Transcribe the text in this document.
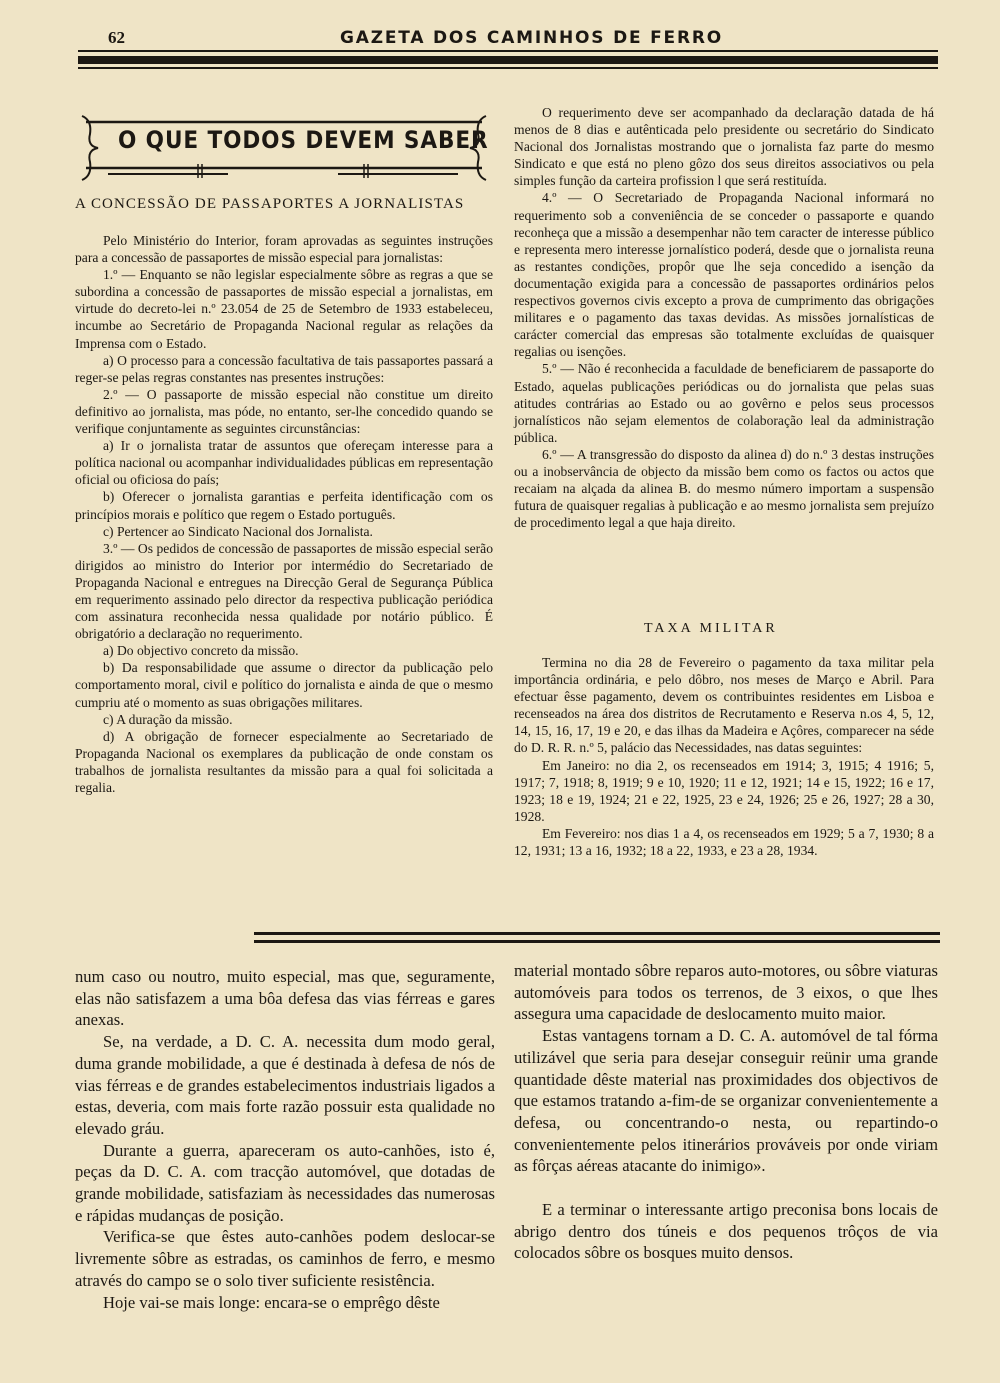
62	GAZETA DOS CAMINHOS DE FERRO
O QUE TODOS DEVEM SABER
A CONCESSÃO DE PASSAPORTES A JORNALISTAS

Pelo Ministério do Interior, foram aprovadas as seguintes instruções para a concessão de passaportes de missão especial para jornalistas:

1.º — Enquanto se não legislar especialmente sôbre as regras a que se subordina a concessão de passaportes de missão especial a jornalistas, em virtude do decreto-lei n.º 23.054 de 25 de Setembro de 1933 estabeleceu, incumbe ao Secretário de Propaganda Nacional regular as relações da Imprensa com o Estado.

a) O processo para a concessão facultativa de tais passaportes passará a reger-se pelas regras constantes nas presentes instruções:

2.º — O passaporte de missão especial não constitue um direito definitivo ao jornalista, mas póde, no entanto, ser-lhe concedido quando se verifique conjuntamente as seguintes circunstâncias:

a) Ir o jornalista tratar de assuntos que ofereçam interesse para a política nacional ou acompanhar individualidades públicas em representação oficial ou oficiosa do país;

b) Oferecer o jornalista garantias e perfeita identificação com os princípios morais e político que regem o Estado português.

c) Pertencer ao Sindicato Nacional dos Jornalista.

3.º — Os pedidos de concessão de passaportes de missão especial serão dirigidos ao ministro do Interior por intermédio do Secretariado de Propaganda Nacional e entregues na Direcção Geral de Segurança Pública em requerimento assinado pelo director da respectiva publicação periódica com assinatura reconhecida nessa qualidade por notário público. É obrigatório a declaração no requerimento.

a) Do objectivo concreto da missão.

b) Da responsabilidade que assume o director da publicação pelo comportamento moral, civil e político do jornalista e ainda de que o mesmo cumpriu até o momento as suas obrigações militares.

c) A duração da missão.

d) A obrigação de fornecer especialmente ao Secretariado de Propaganda Nacional os exemplares da publicação de onde constam os trabalhos de jornalista resultantes da missão para a qual foi solicitada a regalia.

O requerimento deve ser acompanhado da declaração datada de há menos de 8 dias e autênticada pelo presidente ou secretário do Sindicato Nacional dos Jornalistas mostrando que o jornalista faz parte do mesmo Sindicato e que está no pleno gôzo dos seus direitos associativos ou pela simples função da carteira profission l que será restituída.

4.º — O Secretariado de Propaganda Nacional informará no requerimento sob a conveniência de se conceder o passaporte e quando reconheça que a missão a desempenhar não tem caracter de interesse público e representa mero interesse jornalístico poderá, desde que o jornalista reuna as restantes condições, propôr que lhe seja concedido a isenção da documentação exigida para a concessão de passaportes ordinários pelos respectivos governos civis excepto a prova de cumprimento das obrigações militares e o pagamento das taxas devidas. As missões jornalísticas de carácter comercial das empresas são totalmente excluídas de quaisquer regalias ou isenções.

5.º — Não é reconhecida a faculdade de beneficiarem de passaporte do Estado, aquelas publicações periódicas ou do jornalista que pelas suas atitudes contrárias ao Estado ou ao govêrno e pelos seus processos jornalísticos não sejam elementos de colaboração leal da administração pública.

6.º — A transgressão do disposto da alinea d) do n.º 3 destas instruções ou a inobservância de objecto da missão bem como os factos ou actos que recaiam na alçada da alinea B. do mesmo número importam a suspensão futura de quaisquer regalias à publicação e ao mesmo jornalista sem prejuízo de procedimento legal a que haja direito.

TAXA MILITAR

Termina no dia 28 de Fevereiro o pagamento da taxa militar pela importância ordinária, e pelo dôbro, nos meses de Março e Abril. Para efectuar êsse pagamento, devem os contribuintes residentes em Lisboa e recenseados na área dos distritos de Recrutamento e Reserva n.os 4, 5, 12, 14, 15, 16, 17, 19 e 20, e das ilhas da Madeira e Açôres, comparecer na séde do D. R. R. n.º 5, palácio das Necessidades, nas datas seguintes:

Em Janeiro: no dia 2, os recenseados em 1914; 3, 1915; 4 1916; 5, 1917; 7, 1918; 8, 1919; 9 e 10, 1920; 11 e 12, 1921; 14 e 15, 1922; 16 e 17, 1923; 18 e 19, 1924; 21 e 22, 1925, 23 e 24, 1926; 25 e 26, 1927; 28 a 30, 1928.

Em Fevereiro: nos dias 1 a 4, os recenseados em 1929; 5 a 7, 1930; 8 a 12, 1931; 13 a 16, 1932; 18 a 22, 1933, e 23 a 28, 1934.

num caso ou noutro, muito especial, mas que, seguramente, elas não satisfazem a uma bôa defesa das vias férreas e gares anexas.

Se, na verdade, a D. C. A. necessita dum modo geral, duma grande mobilidade, a que é destinada à defesa de nós de vias férreas e de grandes estabelecimentos industriais ligados a estas, deveria, com mais forte razão possuir esta qualidade no elevado gráu.

Durante a guerra, apareceram os auto-canhões, isto é, peças da D. C. A. com tracção automóvel, que dotadas de grande mobilidade, satisfaziam às necessidades das numerosas e rápidas mudanças de posição.

Verifica-se que êstes auto-canhões podem deslocar-se livremente sôbre as estradas, os caminhos de ferro, e mesmo através do campo se o solo tiver suficiente resistência.

Hoje vai-se mais longe: encara-se o emprêgo dêste

material montado sôbre reparos auto-motores, ou sôbre viaturas automóveis para todos os terrenos, de 3 eixos, o que lhes assegura uma capacidade de deslocamento muito maior.

Estas vantagens tornam a D. C. A. automóvel de tal fórma utilizável que seria para desejar conseguir reünir uma grande quantidade dêste material nas proximidades dos objectivos de que estamos tratando a-fim-de se organizar convenientemente a defesa, ou concentrando-o nesta, ou repartindo-o convenientemente pelos itinerários prováveis por onde viriam as fôrças aéreas atacante do inimigo».

E a terminar o interessante artigo preconisa bons locais de abrigo dentro dos túneis e dos pequenos trôços de via colocados sôbre os bosques muito densos.
